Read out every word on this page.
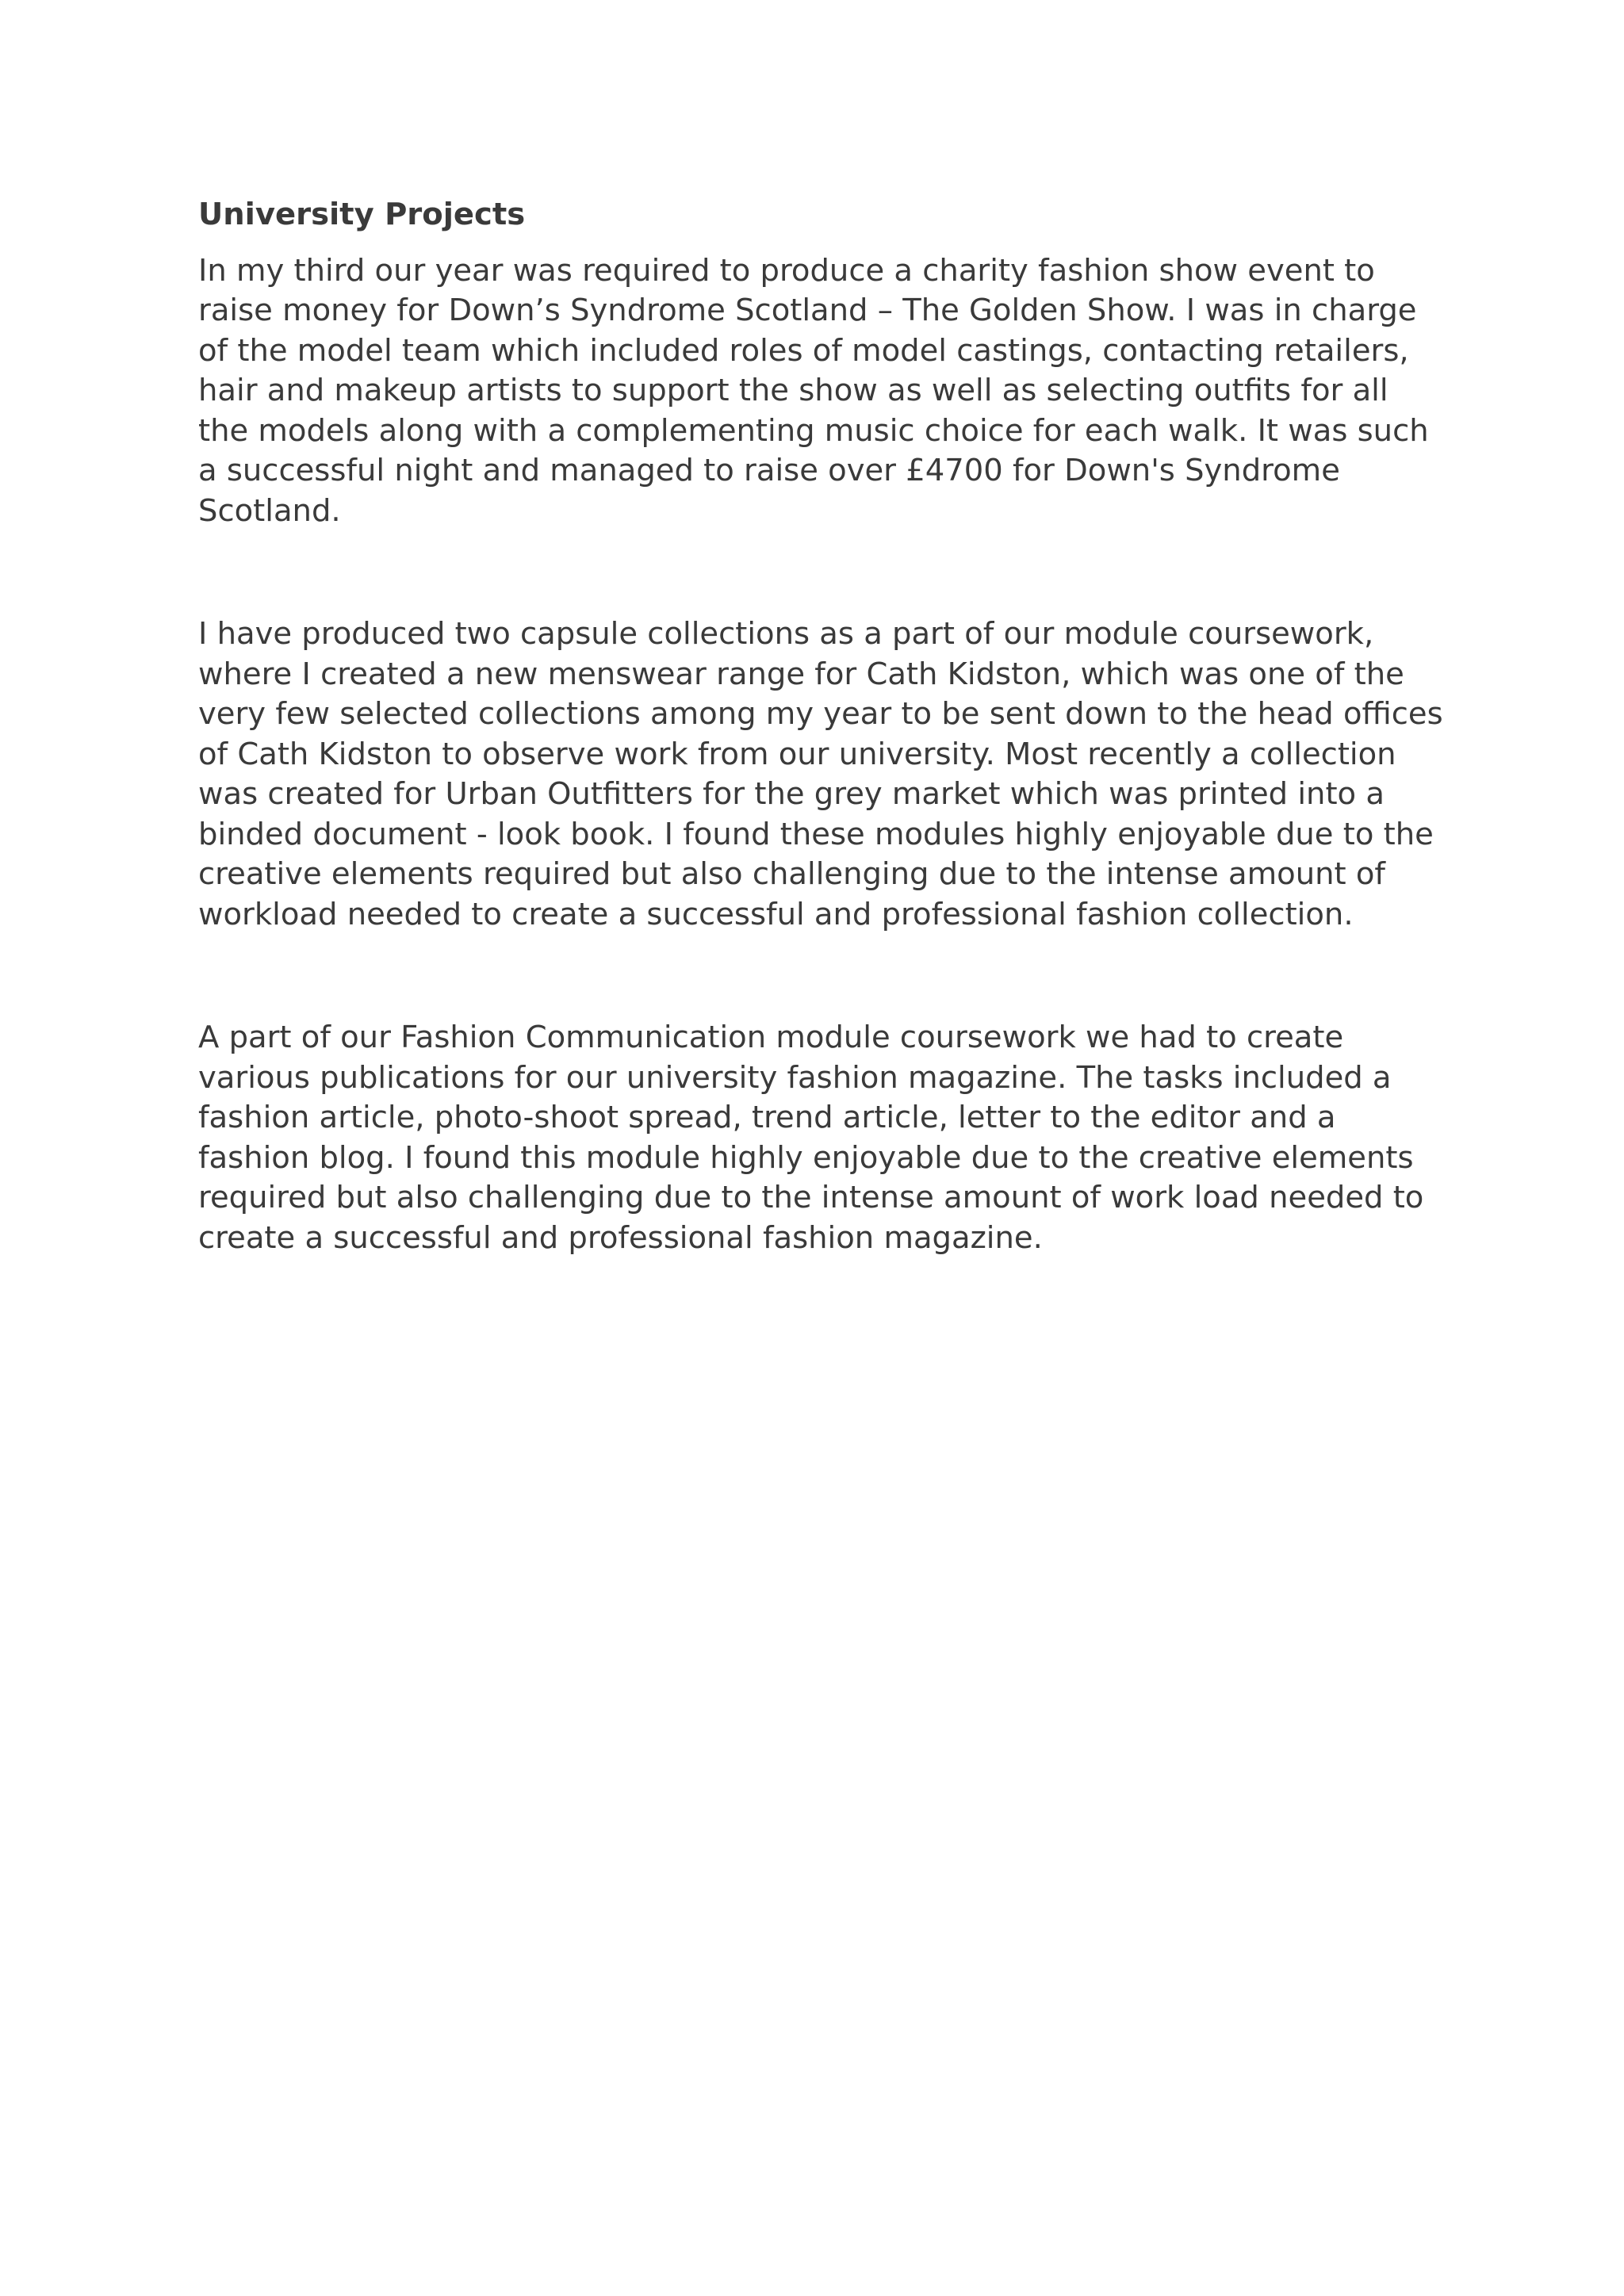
University Projects
In my third our year was required to produce a charity fashion show event to
raise money for Down’s Syndrome Scotland – The Golden Show. I was in charge
of the model team which included roles of model castings, contacting retailers,
hair and makeup artists to support the show as well as selecting outfits for all
the models along with a complementing music choice for each walk. It was such
a successful night and managed to raise over £4700 for Down's Syndrome
Scotland.
I have produced two capsule collections as a part of our module coursework,
where I created a new menswear range for Cath Kidston, which was one of the
very few selected collections among my year to be sent down to the head offices
of Cath Kidston to observe work from our university. Most recently a collection
was created for Urban Outfitters for the grey market which was printed into a
binded document - look book. I found these modules highly enjoyable due to the
creative elements required but also challenging due to the intense amount of
workload needed to create a successful and professional fashion collection.
A part of our Fashion Communication module coursework we had to create
various publications for our university fashion magazine. The tasks included a
fashion article, photo-shoot spread, trend article, letter to the editor and a
fashion blog. I found this module highly enjoyable due to the creative elements
required but also challenging due to the intense amount of work load needed to
create a successful and professional fashion magazine.
